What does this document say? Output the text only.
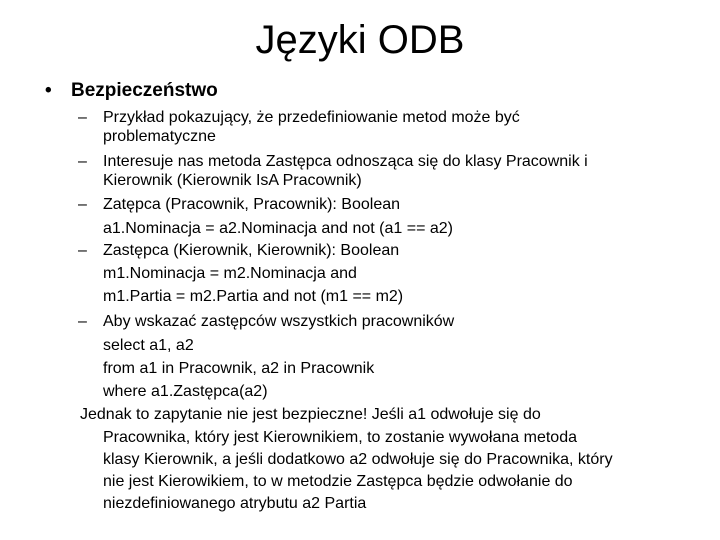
Języki ODB
• Bezpieczeństwo
– Przykład pokazujący, że przedefiniowanie metod może być
problematyczne
– Interesuje nas metoda Zastępca odnosząca się do klasy Pracownik i
Kierownik (Kierownik IsA Pracownik)
– Zatępca (Pracownik, Pracownik): Boolean
a1.Nominacja = a2.Nominacja and not (a1 == a2)
– Zastępca (Kierownik, Kierownik): Boolean
m1.Nominacja = m2.Nominacja and
m1.Partia = m2.Partia and not (m1 == m2)
– Aby wskazać zastępców wszystkich pracowników
select a1, a2
from a1 in Pracownik, a2 in Pracownik
where a1.Zastępca(a2)
Jednak to zapytanie nie jest bezpieczne! Jeśli a1 odwołuje się do
Pracownika, który jest Kierownikiem, to zostanie wywołana metoda
klasy Kierownik, a jeśli dodatkowo a2 odwołuje się do Pracownika, który
nie jest Kierowikiem, to w metodzie Zastępca będzie odwołanie do
niezdefiniowanego atrybutu a2 Partia
